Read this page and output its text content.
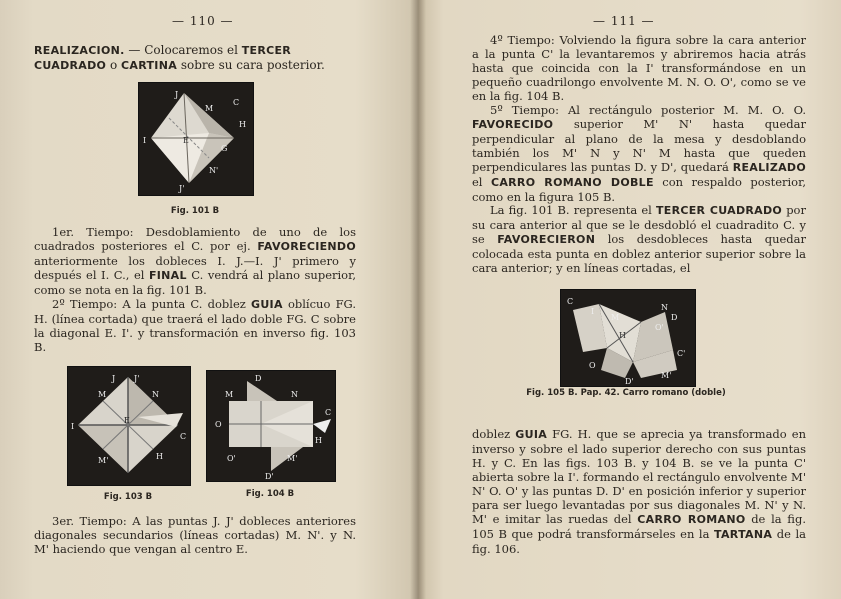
— 110 —
REALIZACION. — Colocaremos el TERCER
CUADRADO o CARTINA sobre su cara posterior.
J
M
C
H
I	E
J'
N'
G
Fig. 101 B
1er. Tiempo: Desdoblamiento de uno de los cuadrados posteriores el C. por ej. FAVORECIENDO anteriormente los dobleces I. J.—I. J' primero y después el I. C., el FINAL C. vendrá al plano superior, como se nota en la fig. 101 B.
2º Tiempo: A la punta C. doblez GUIA oblícuo FG. H. (línea cortada) que traerá el lado doble FG. C sobre la diagonal E. I'. y transformación en inverso fig. 103 B.
J
M
J'
N
E
I
C
H
M'
Fig. 103 B
D
M	N
C
O
H
D'
O'	M'
Fig. 104 B
3er. Tiempo: A las puntas J. J' dobleces anteriores diagonales secundarios (líneas cortadas) M. N'. y N. M' haciendo que vengan al centro E.
— 111 —
4º Tiempo: Volviendo la figura sobre la cara anterior a la punta C' la levantaremos y abriremos hacia atrás hasta que coincida con la I' transformándose en un pequeño cuadrilongo envolvente M. N. O. O', como se ve en la fig. 104 B.
5º Tiempo: Al rectángulo posterior M. M. O. O. FAVORECIDO superior M' N' hasta quedar perpendicular al plano de la mesa y desdoblando también los M' N y N' M hasta que queden perpendiculares las puntas D. y D', quedará REALIZADO el CARRO ROMANO DOBLE con respaldo posterior, como en la figura 105 B.
La fig. 101 B. representa el TERCER CUADRADO por su cara anterior al que se le desdobló el cuadradito C. y se FAVORECIERON los desdobleces hasta quedar colocada esta punta en doblez anterior superior sobre la cara anterior; y en líneas cortadas, el
C
I
M
H
O'
N
D
O
C'
M'
D'
Fig. 105 B. Pap. 42. Carro romano (doble)
doblez GUIA FG. H. que se aprecia ya transformado en inverso y sobre el lado superior derecho con sus puntas H. y C. En las figs. 103 B. y 104 B. se ve la punta C' abierta sobre la I'. formando el rectángulo envolvente M' N' O. O' y las puntas D. D' en posición inferior y superior para ser luego levantadas por sus diagonales M. N' y N. M' e imitar las ruedas del CARRO ROMANO de la fig. 105 B que podrá transformárseles en la TARTANA de la fig. 106.
